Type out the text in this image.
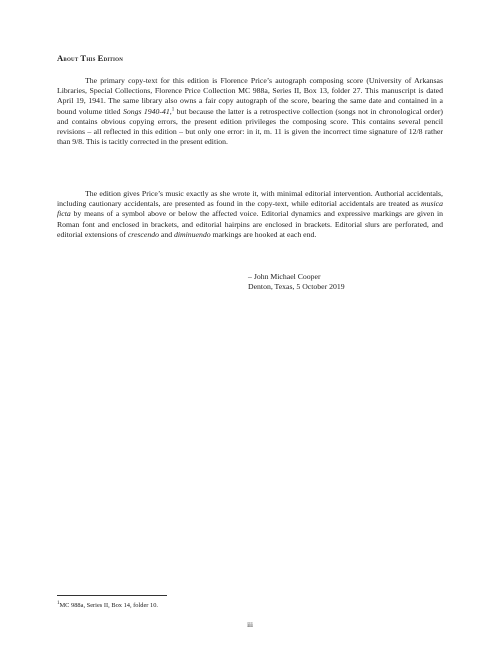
About This Edition

The primary copy-text for this edition is Florence Price’s autograph composing score (University of Arkansas Libraries, Special Collections, Florence Price Collection MC 988a, Series II, Box 13, folder 27. This manuscript is dated April 19, 1941. The same library also owns a fair copy autograph of the score, bearing the same date and contained in a bound volume titled Songs 1940-41,$^1$ but because the latter is a retrospective collection (songs not in chronological order) and contains obvious copying errors, the present edition privileges the composing score. This contains several pencil revisions – all reflected in this edition – but only one error: in it, m. 11 is given the incorrect time signature of 12/8 rather than 9/8. This is tacitly corrected in the present edition.

The edition gives Price’s music exactly as she wrote it, with minimal editorial intervention. Authorial accidentals, including cautionary accidentals, are presented as found in the copy-text, while editorial accidentals are treated as musica ficta by means of a symbol above or below the affected voice. Editorial dynamics and expressive markings are given in Roman font and enclosed in brackets, and editorial hairpins are enclosed in brackets. Editorial slurs are perforated, and editorial extensions of crescendo and diminuendo markings are hooked at each end.

– John Michael Cooper
Denton, Texas, 5 October 2019
$^1$MC 988a, Series II, Box 14, folder 10.
iii
